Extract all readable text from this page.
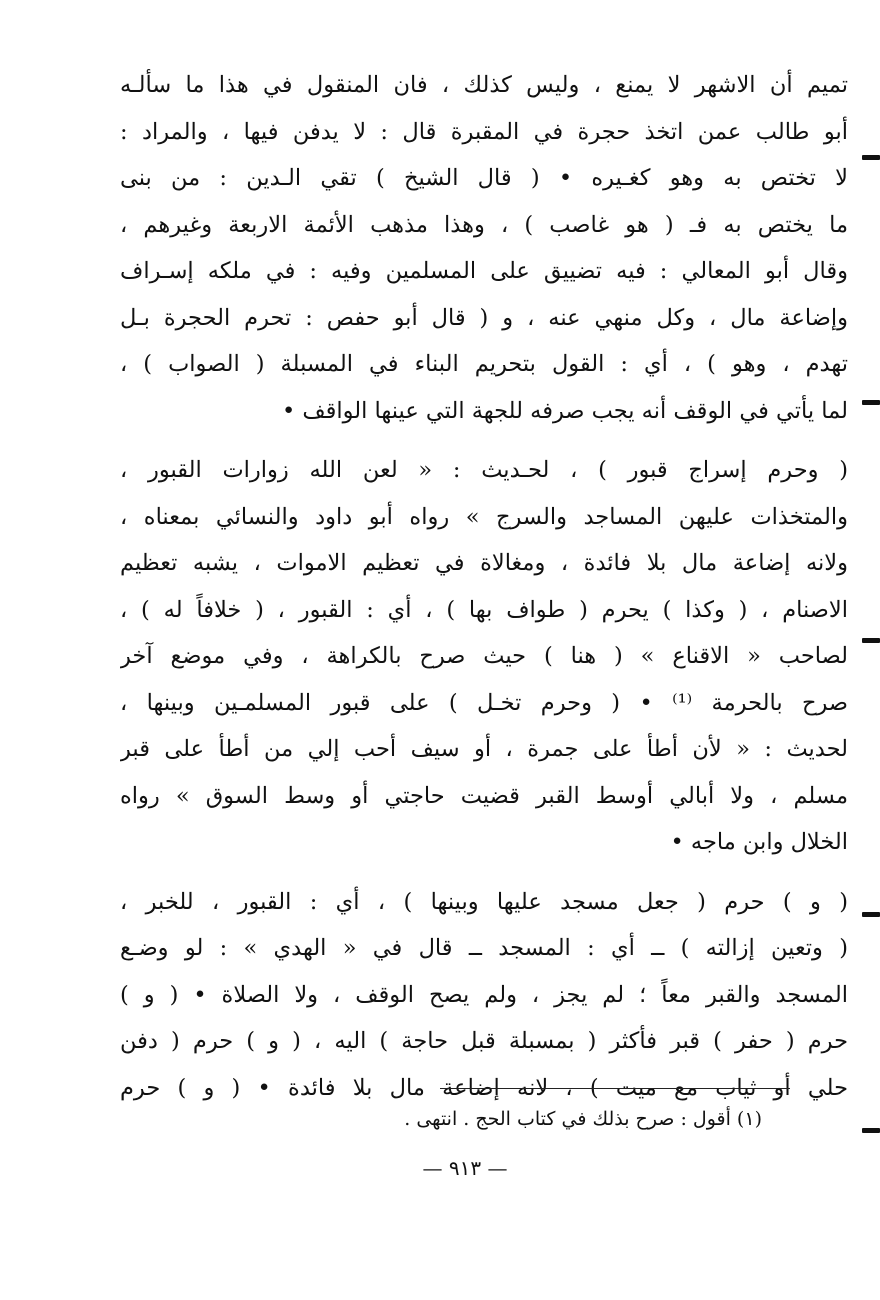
تميم أن الاشهر لا يمنع ، وليس كذلك ، فان المنقول في هذا ما سألـه
أبو طالب عمن اتخذ حجرة في المقبرة قال : لا يدفن فيها ، والمراد :
لا تختص به وهو كغـيره • ( قال الشيخ ) تقي الـدين : من بنى
ما يختص به فـ ( هو غاصب ) ، وهذا مذهب الأئمة الاربعة وغيرهم ،
وقال أبو المعالي : فيه تضييق على المسلمين وفيه : في ملكه إسـراف
وإضاعة مال ، وكل منهي عنه ، و ( قال أبو حفص : تحرم الحجرة بـل
تهدم ، وهو ) ، أي : القول بتحريم البناء في المسبلة ( الصواب ) ،
لما يأتي في الوقف أنه يجب صرفه للجهة التي عينها الواقف •
( وحرم إسراج قبور ) ، لحـديث : « لعن الله زوارات القبور ،
والمتخذات عليهن المساجد والسرج » رواه أبو داود والنسائي بمعناه ،
ولانه إضاعة مال بلا فائدة ، ومغالاة في تعظيم الاموات ، يشبه تعظيم
الاصنام ، ( وكذا ) يحرم ( طواف بها ) ، أي : القبور ، ( خلافاً له ) ،
لصاحب « الاقناع » ( هنا ) حيث صرح بالكراهة ، وفي موضع آخر
صرح بالحرمة ⁽¹⁾ • ( وحرم تخـل ) على قبور المسلمـين وبينها ،
لحديث : « لأن أطأ على جمرة ، أو سيف أحب إلي من أطأ على قبر
مسلم ، ولا أبالي أوسط القبر قضيت حاجتي أو وسط السوق » رواه
الخلال وابن ماجه •
( و ) حرم ( جعل مسجد عليها وبينها ) ، أي : القبور ، للخبر ،
( وتعين إزالته ) ــ أي : المسجد ــ قال في « الهدي » : لو وضـع
المسجد والقبر معاً ؛ لم يجز ، ولم يصح الوقف ، ولا الصلاة • ( و )
حرم ( حفر ) قبر فأكثر ( بمسبلة قبل حاجة ) اليه ، ( و ) حرم ( دفن
حلي أو ثياب مع ميت ) ، لانه إضاعة مال بلا فائدة • ( و ) حرم
(١) أقول : صرح بذلك في كتاب الحج . انتهى .
— ٩١٣ —
